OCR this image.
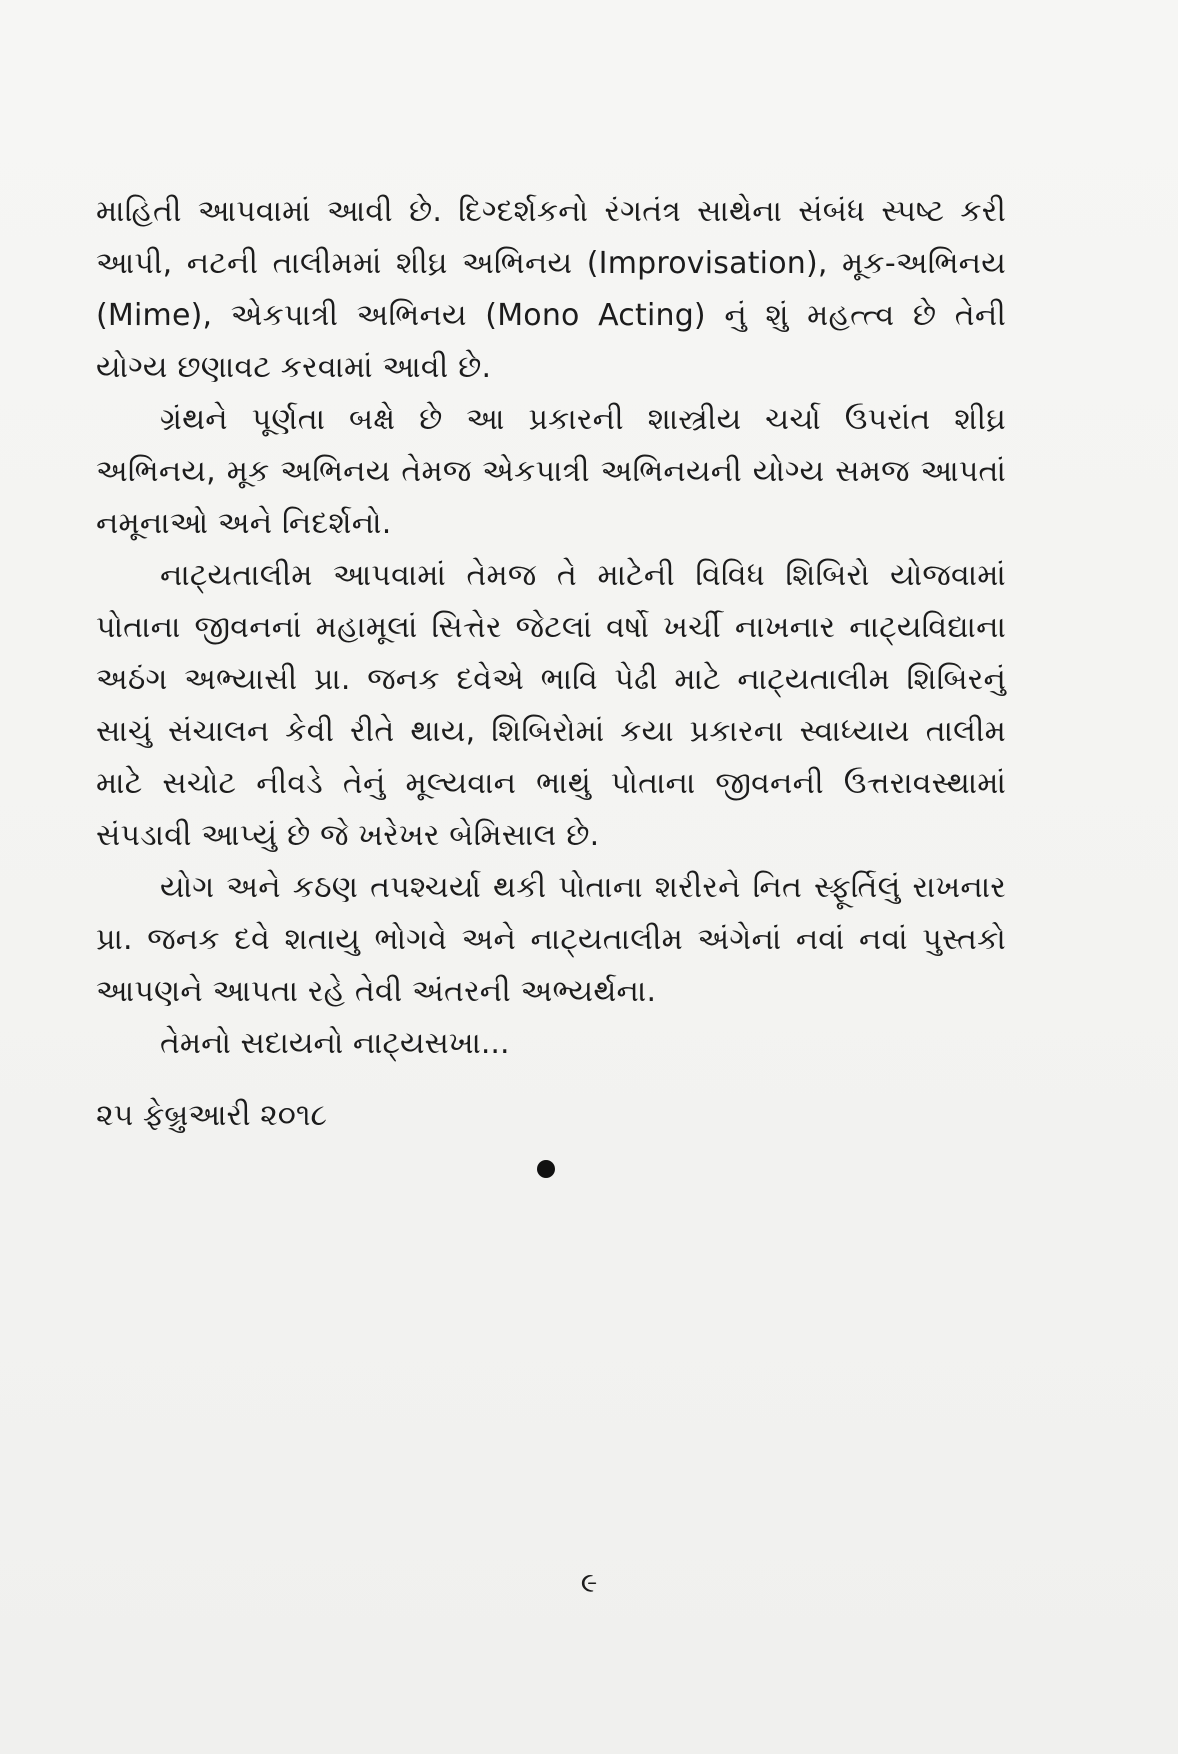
માહિતી આપવામાં આવી છે. દિગ્દર્શકનો રંગતંત્ર સાથેના સંબંધ સ્પષ્ટ કરી આપી, નટની તાલીમમાં શીઘ્ર અભિનય (Improvisation), મૂક-અભિનય (Mime), એકપાત્રી અભિનય (Mono Acting) નું શું મહત્ત્વ છે તેની યોગ્ય છણાવટ કરવામાં આવી છે.

ગ્રંથને પૂર્ણતા બક્ષે છે આ પ્રકારની શાસ્ત્રીય ચર્ચા ઉપરાંત શીઘ્ર અભિનય, મૂક અભિનય તેમજ એકપાત્રી અભિનયની યોગ્ય સમજ આપતાં નમૂનાઓ અને નિદર્શનો.

નાટ્યતાલીમ આપવામાં તેમજ તે માટેની વિવિધ શિબિરો યોજવામાં પોતાના જીવનનાં મહામૂલાં સિત્તેર જેટલાં વર્ષો ખર્ચી નાખનાર નાટ્યવિદ્યાના અઠંગ અભ્યાસી પ્રા. જનક દવેએ ભાવિ પેઢી માટે નાટ્યતાલીમ શિબિરનું સાચું સંચાલન કેવી રીતે થાય, શિબિરોમાં કયા પ્રકારના સ્વાધ્યાય તાલીમ માટે સચોટ નીવડે તેનું મૂલ્યવાન ભાથું પોતાના જીવનની ઉત્તરાવસ્થામાં સંપડાવી આપ્યું છે જે ખરેખર બેમિસાલ છે.

યોગ અને કઠણ તપશ્ચર્યા થકી પોતાના શરીરને નિત સ્ફૂર્તિલું રાખનાર પ્રા. જનક દવે શતાયુ ભોગવે અને નાટ્યતાલીમ અંગેનાં નવાં નવાં પુસ્તકો આપણને આપતા રહે તેવી અંતરની અભ્યર્થના.

તેમનો સદાયનો નાટ્યસખા...

૨૫ ફેબ્રુઆરી ૨૦૧૮

૯
